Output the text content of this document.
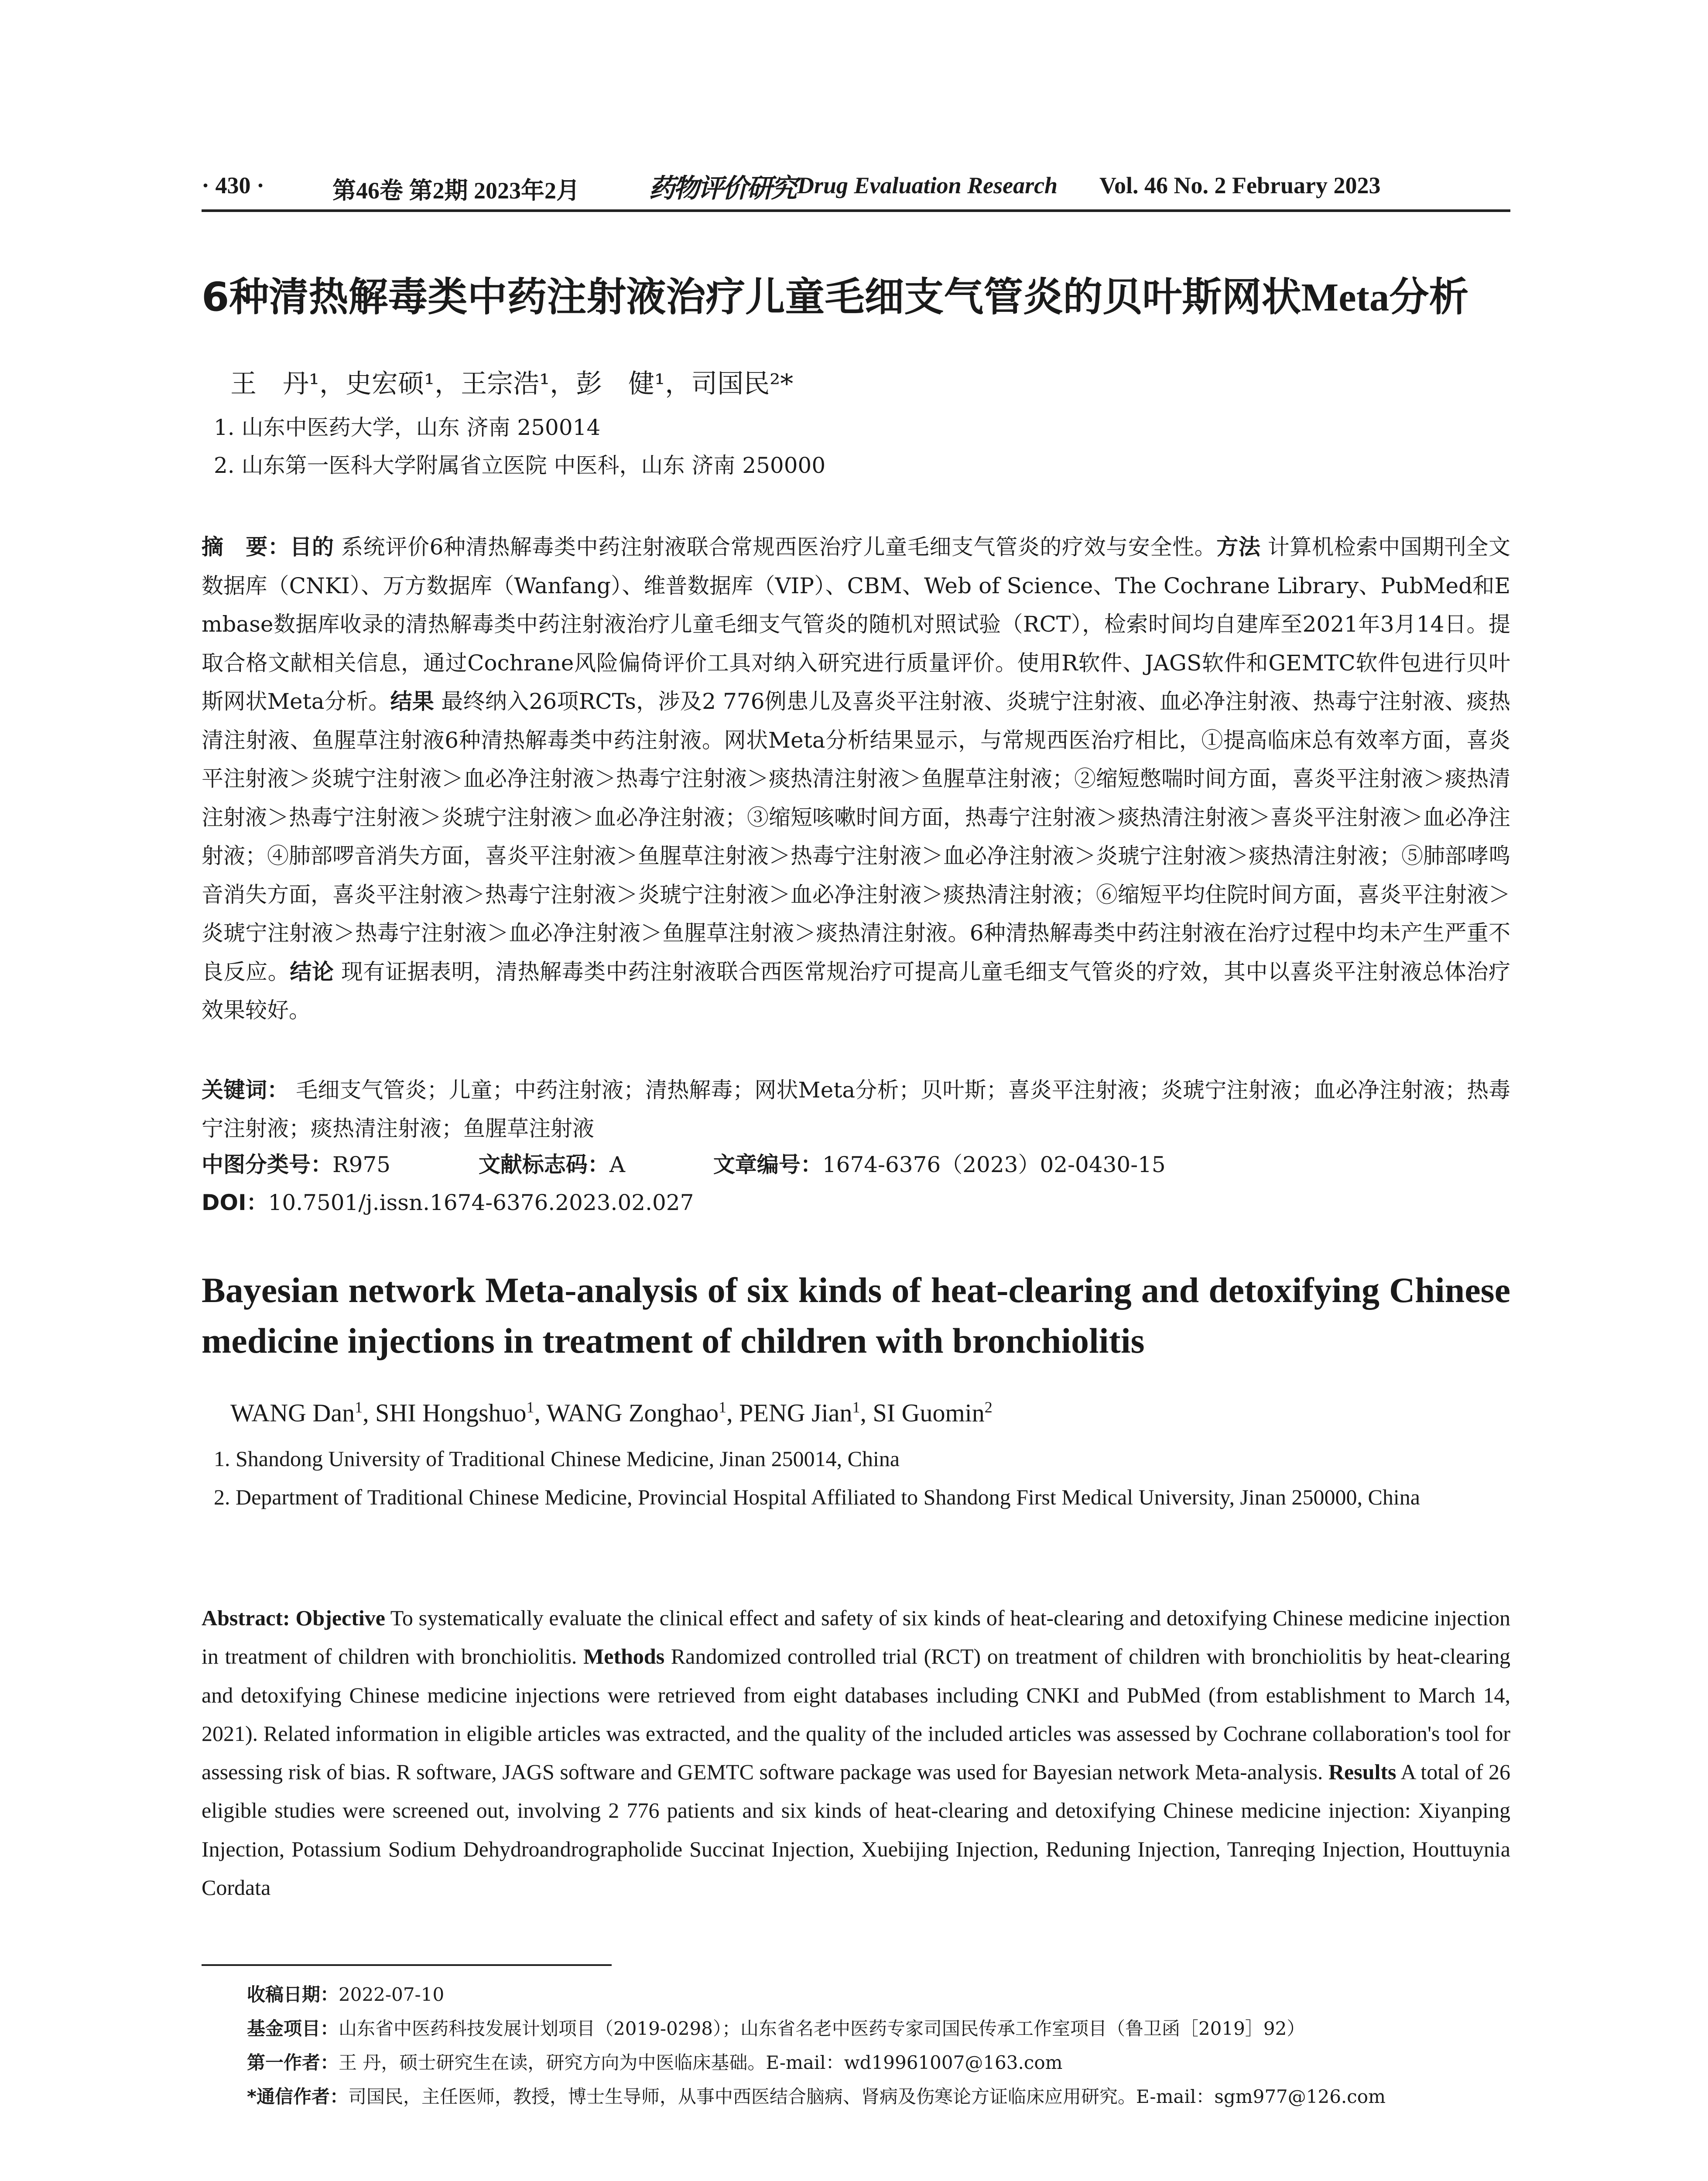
· 430 ·	第46卷 第2期 2023年2月	药物评价研究 Drug Evaluation Research Vol. 46 No. 2 February 2023
6种清热解毒类中药注射液治疗儿童毛细支气管炎的贝叶斯网状Meta分析
王　丹¹，史宏硕¹，王宗浩¹，彭　健¹，司国民²*
1. 山东中医药大学，山东 济南 250014
2. 山东第一医科大学附属省立医院 中医科，山东 济南 250000
摘　要：目的 系统评价6种清热解毒类中药注射液联合常规西医治疗儿童毛细支气管炎的疗效与安全性。方法 计算机检索中国期刊全文数据库（CNKI）、万方数据库（Wanfang）、维普数据库（VIP）、CBM、Web of Science、The Cochrane Library、PubMed和Embase数据库收录的清热解毒类中药注射液治疗儿童毛细支气管炎的随机对照试验（RCT），检索时间均自建库至2021年3月14日。提取合格文献相关信息，通过Cochrane风险偏倚评价工具对纳入研究进行质量评价。使用R软件、JAGS软件和GEMTC软件包进行贝叶斯网状Meta分析。结果 最终纳入26项RCTs，涉及2 776例患儿及喜炎平注射液、炎琥宁注射液、血必净注射液、热毒宁注射液、痰热清注射液、鱼腥草注射液6种清热解毒类中药注射液。网状Meta分析结果显示，与常规西医治疗相比，①提高临床总有效率方面，喜炎平注射液＞炎琥宁注射液＞血必净注射液＞热毒宁注射液＞痰热清注射液＞鱼腥草注射液；②缩短憋喘时间方面，喜炎平注射液＞痰热清注射液＞热毒宁注射液＞炎琥宁注射液＞血必净注射液；③缩短咳嗽时间方面，热毒宁注射液＞痰热清注射液＞喜炎平注射液＞血必净注射液；④肺部啰音消失方面，喜炎平注射液＞鱼腥草注射液＞热毒宁注射液＞血必净注射液＞炎琥宁注射液＞痰热清注射液；⑤肺部哮鸣音消失方面，喜炎平注射液＞热毒宁注射液＞炎琥宁注射液＞血必净注射液＞痰热清注射液；⑥缩短平均住院时间方面，喜炎平注射液＞炎琥宁注射液＞热毒宁注射液＞血必净注射液＞鱼腥草注射液＞痰热清注射液。6种清热解毒类中药注射液在治疗过程中均未产生严重不良反应。结论 现有证据表明，清热解毒类中药注射液联合西医常规治疗可提高儿童毛细支气管炎的疗效，其中以喜炎平注射液总体治疗效果较好。
关键词： 毛细支气管炎；儿童；中药注射液；清热解毒；网状Meta分析；贝叶斯；喜炎平注射液；炎琥宁注射液；血必净注射液；热毒宁注射液；痰热清注射液；鱼腥草注射液
中图分类号：R975	文献标志码：A	文章编号：1674-6376（2023）02-0430-15
DOI：10.7501/j.issn.1674-6376.2023.02.027
Bayesian network Meta-analysis of six kinds of heat-clearing and detoxifying Chinese medicine injections in treatment of children with bronchiolitis
WANG Dan$^1$, SHI Hongshuo$^1$, WANG Zonghao$^1$, PENG Jian$^1$, SI Guomin$^2$
1. Shandong University of Traditional Chinese Medicine, Jinan 250014, China
2. Department of Traditional Chinese Medicine, Provincial Hospital Affiliated to Shandong First Medical University, Jinan 250000, China
Abstract: Objective To systematically evaluate the clinical effect and safety of six kinds of heat-clearing and detoxifying Chinese medicine injection in treatment of children with bronchiolitis. Methods Randomized controlled trial (RCT) on treatment of children with bronchiolitis by heat-clearing and detoxifying Chinese medicine injections were retrieved from eight databases including CNKI and PubMed (from establishment to March 14, 2021). Related information in eligible articles was extracted, and the quality of the included articles was assessed by Cochrane collaboration's tool for assessing risk of bias. R software, JAGS software and GEMTC software package was used for Bayesian network Meta-analysis. Results A total of 26 eligible studies were screened out, involving 2 776 patients and six kinds of heat-clearing and detoxifying Chinese medicine injection: Xiyanping Injection, Potassium Sodium Dehydroandrographolide Succinat Injection, Xuebijing Injection, Reduning Injection, Tanreqing Injection, Houttuynia Cordata
收稿日期：2022-07-10
基金项目：山东省中医药科技发展计划项目（2019-0298）；山东省名老中医药专家司国民传承工作室项目（鲁卫函［2019］92）
第一作者：王 丹，硕士研究生在读，研究方向为中医临床基础。E-mail：wd19961007@163.com
*通信作者：司国民，主任医师，教授，博士生导师，从事中西医结合脑病、肾病及伤寒论方证临床应用研究。E-mail：sgm977@126.com
